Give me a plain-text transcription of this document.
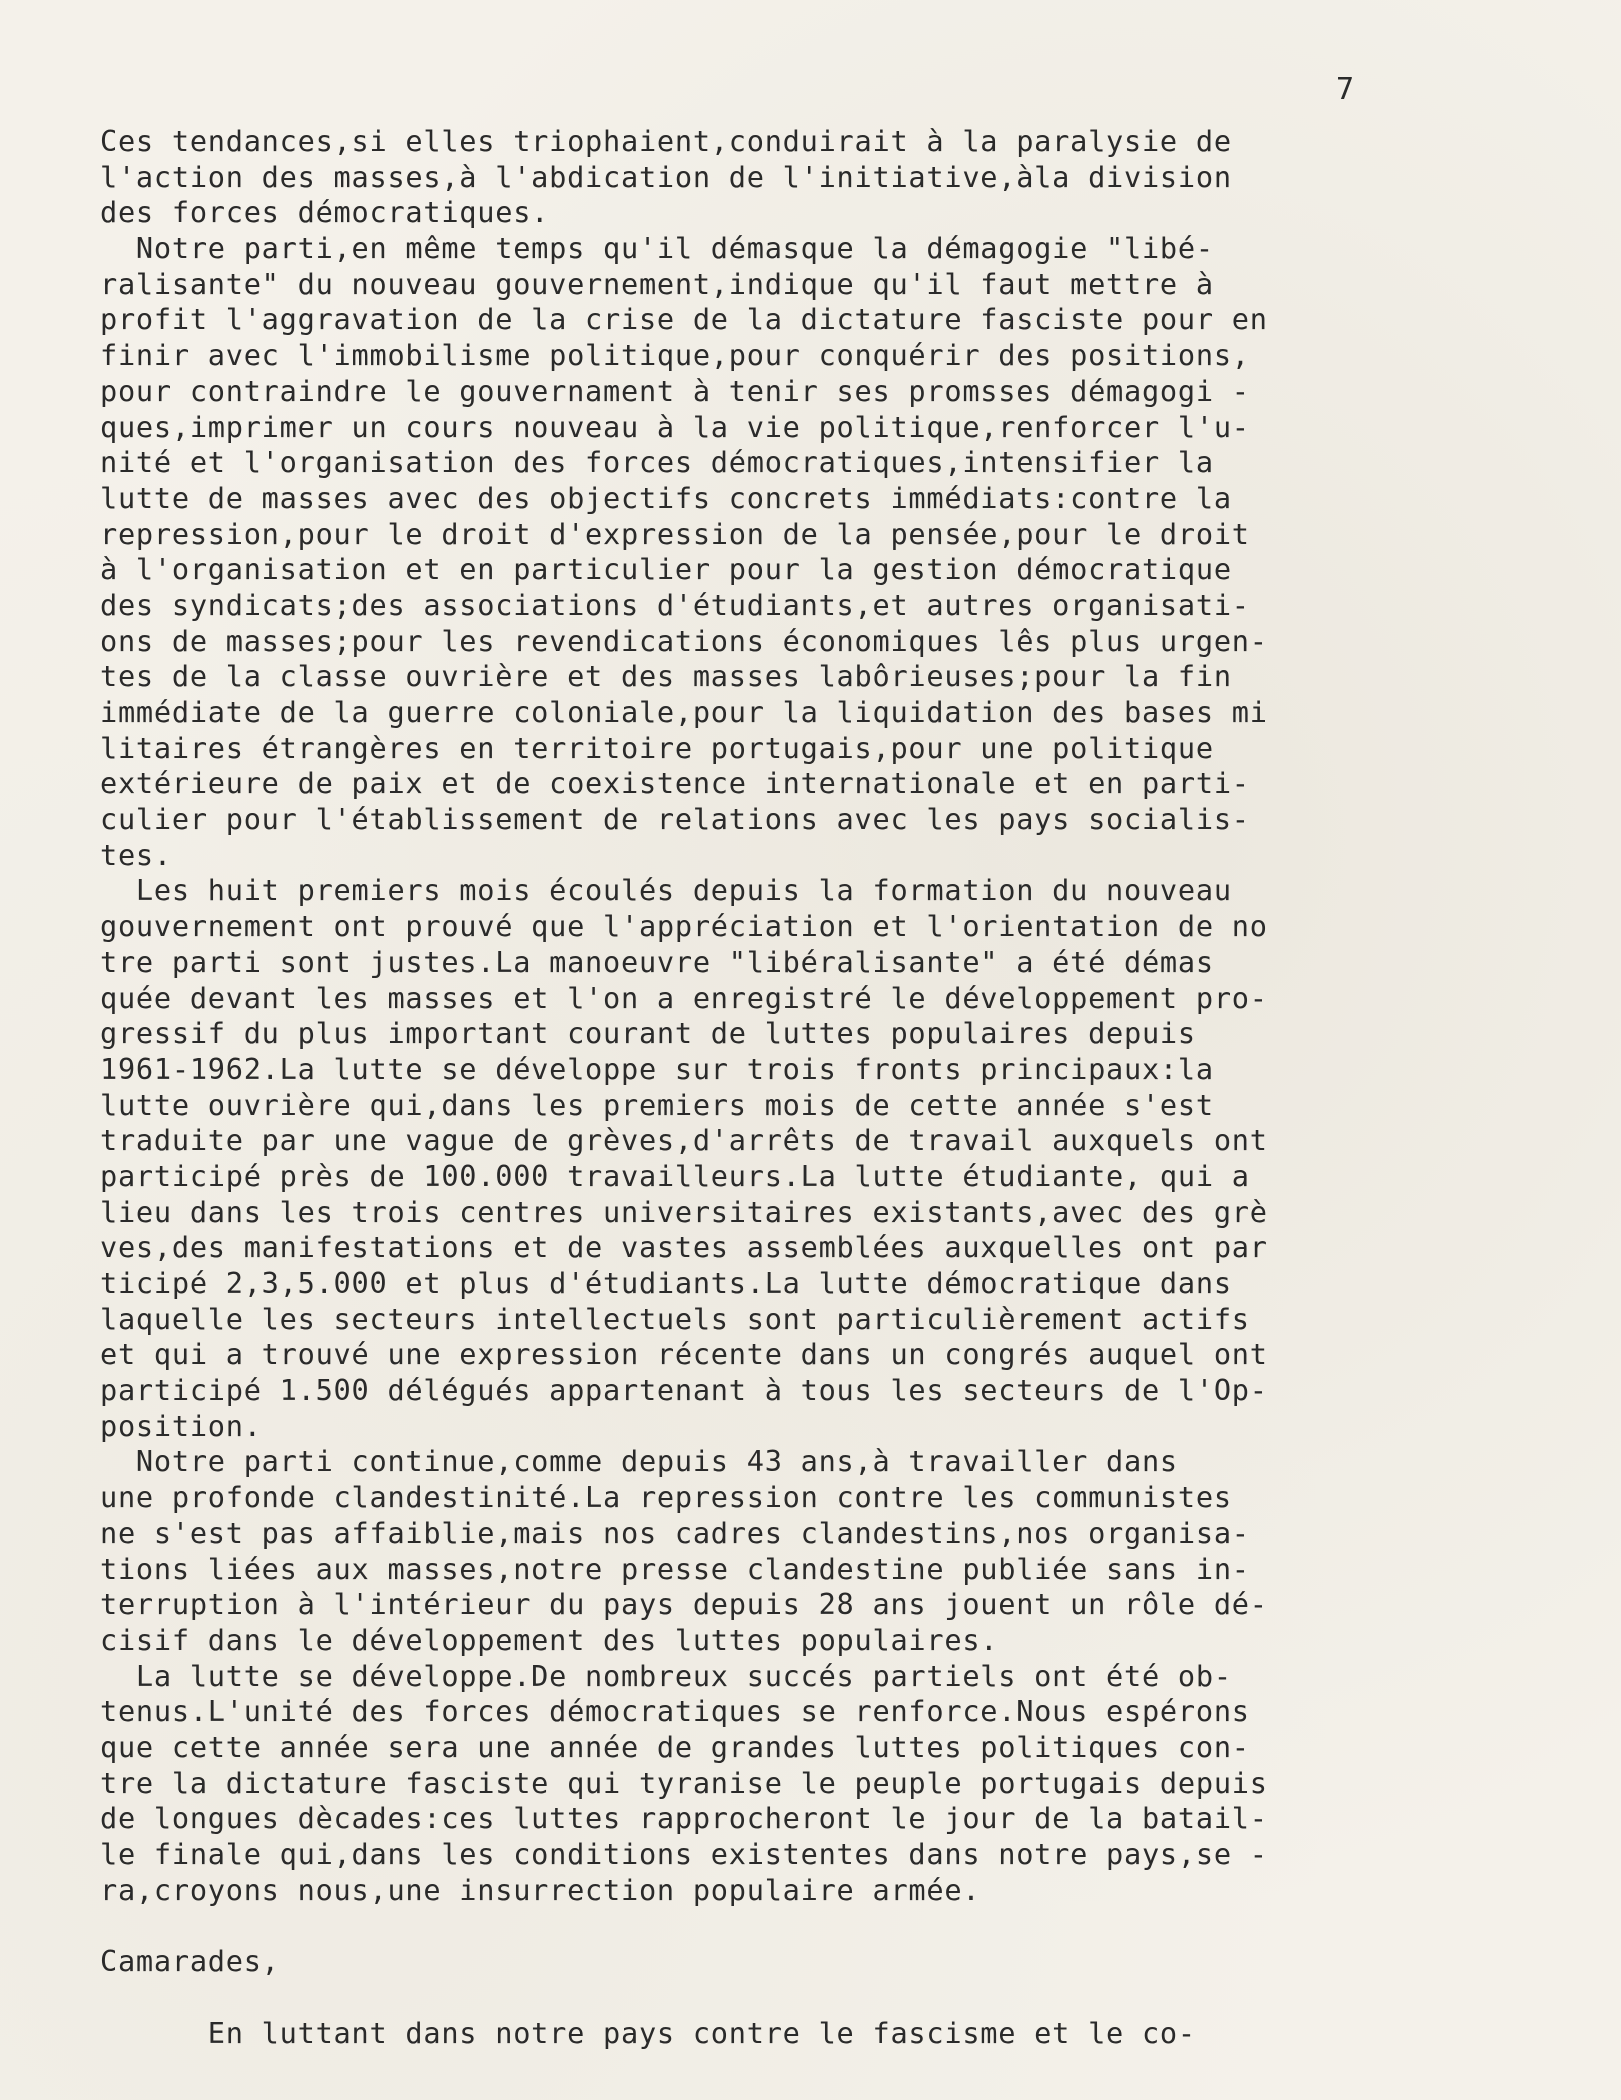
7
Ces tendances,si elles triophaient,conduirait à la paralysie de
l'action des masses,à l'abdication de l'initiative,àla division
des forces démocratiques.
Notre parti,en même temps qu'il démasque la démagogie "libé-
ralisante" du nouveau gouvernement,indique qu'il faut mettre à
profit l'aggravation de la crise de la dictature fasciste pour en
finir avec l'immobilisme politique,pour conquérir des positions,
pour contraindre le gouvernament à tenir ses promsses démagogi -
ques,imprimer un cours nouveau à la vie politique,renforcer l'u-
nité et l'organisation des forces démocratiques,intensifier la
lutte de masses avec des objectifs concrets immédiats:contre la
repression,pour le droit d'expression de la pensée,pour le droit
à l'organisation et en particulier pour la gestion démocratique
des syndicats;des associations d'étudiants,et autres organisati-
ons de masses;pour les revendications économiques lês plus urgen-
tes de la classe ouvrière et des masses labôrieuses;pour la fin
immédiate de la guerre coloniale,pour la liquidation des bases mi
litaires étrangères en territoire portugais,pour une politique
extérieure de paix et de coexistence internationale et en parti-
culier pour l'établissement de relations avec les pays socialis-
tes.
Les huit premiers mois écoulés depuis la formation du nouveau
gouvernement ont prouvé que l'appréciation et l'orientation de no
tre parti sont justes.La manoeuvre "libéralisante" a été démas
quée devant les masses et l'on a enregistré le développement pro-
gressif du plus important courant de luttes populaires depuis
1961-1962.La lutte se développe sur trois fronts principaux:la
lutte ouvrière qui,dans les premiers mois de cette année s'est
traduite par une vague de grèves,d'arrêts de travail auxquels ont
participé près de 100.000 travailleurs.La lutte étudiante, qui a
lieu dans les trois centres universitaires existants,avec des grè
ves,des manifestations et de vastes assemblées auxquelles ont par
ticipé 2,3,5.000 et plus d'étudiants.La lutte démocratique dans
laquelle les secteurs intellectuels sont particulièrement actifs
et qui a trouvé une expression récente dans un congrés auquel ont
participé 1.500 délégués appartenant à tous les secteurs de l'Op-
position.
Notre parti continue,comme depuis 43 ans,à travailler dans
une profonde clandestinité.La repression contre les communistes
ne s'est pas affaiblie,mais nos cadres clandestins,nos organisa-
tions liées aux masses,notre presse clandestine publiée sans in-
terruption à l'intérieur du pays depuis 28 ans jouent un rôle dé-
cisif dans le développement des luttes populaires.
La lutte se développe.De nombreux succés partiels ont été ob-
tenus.L'unité des forces démocratiques se renforce.Nous espérons
que cette année sera une année de grandes luttes politiques con-
tre la dictature fasciste qui tyranise le peuple portugais depuis
de longues dècades:ces luttes rapprocheront le jour de la batail-
le finale qui,dans les conditions existentes dans notre pays,se -
ra,croyons nous,une insurrection populaire armée.
Camarades,
En luttant dans notre pays contre le fascisme et le co-
